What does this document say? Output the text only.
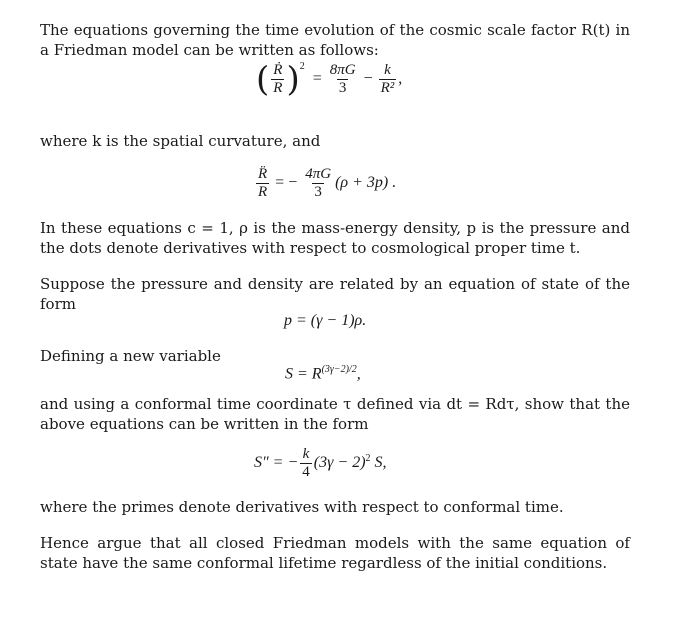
The equations governing the time evolution of the cosmic scale factor R(t) in a Friedman model can be written as follows:

where k is the spatial curvature, and

In these equations c = 1, ρ is the mass-energy density, p is the pressure and the dots denote derivatives with respect to cosmological proper time t.

Suppose the pressure and density are related by an equation of state of the form

Defining a new variable

and using a conformal time coordinate τ defined via dt = Rdτ, show that the above equations can be written in the form

where the primes denote derivatives with respect to conformal time.

Hence argue that all closed Friedman models with the same equation of state have the same conformal lifetime regardless of the initial conditions.

( $\frac{\text{Ṙ}}{R} )^2 = \frac{8\pi G}{3} - \frac{k}{\text{R²}}$ ,
$\frac{R̈}{R}$ = − $\frac{4\pi G}{3} (\rho + 3p)$ .
p = (γ − 1)ρ.
$S = R^{(3\gamma-2)/2}$,
S″ = − $\frac{k}{4} (3\gamma - 2)^2$ S,
